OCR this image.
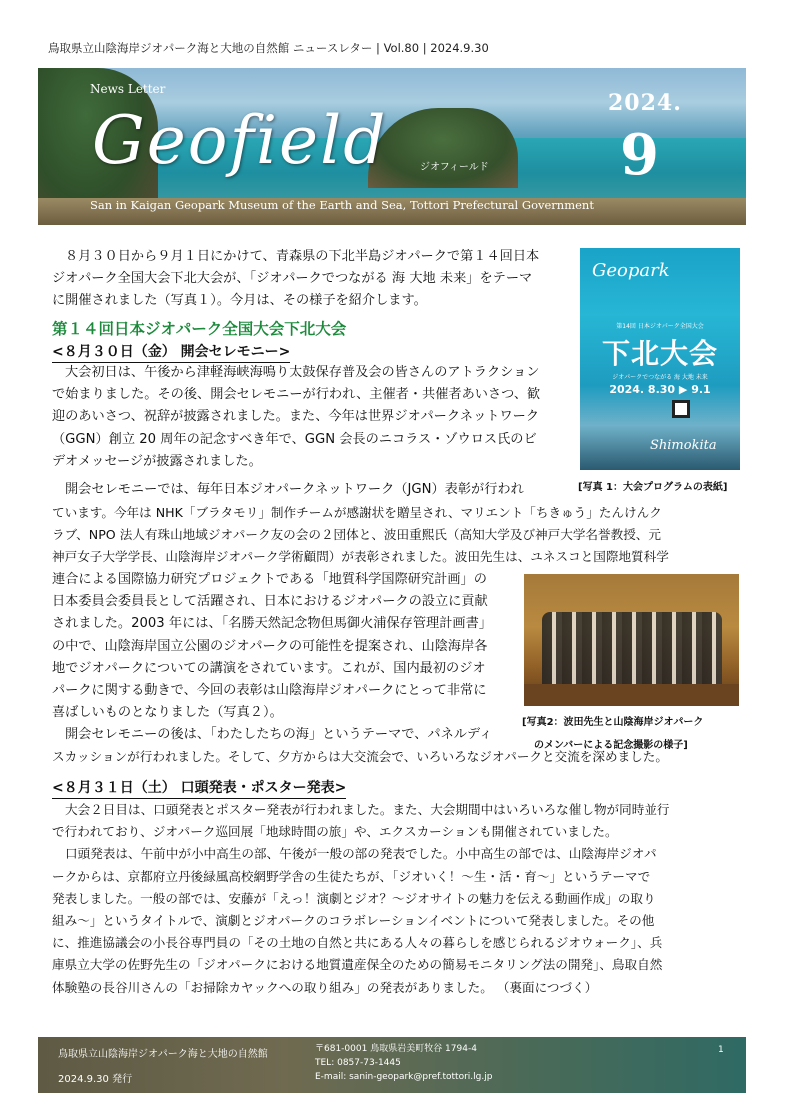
鳥取県立山陰海岸ジオパーク海と大地の自然館 ニュースレター | Vol.80 | 2024.9.30
News Letter
Geofield	ジオフィールド
2024.
9
San in Kaigan Geopark Museum of the Earth and Sea, Tottori Prefectural Government
８月３０日から９月１日にかけて、青森県の下北半島ジオパークで第１４回日本
ジオパーク全国大会下北大会が、「ジオパークでつながる 海 大地 未来」をテーマ
に開催されました（写真１）。今月は、その様子を紹介します。
第１４回日本ジオパーク全国大会下北大会
<８月３０日（金） 開会セレモニー>
大会初日は、午後から津軽海峡海鳴り太鼓保存普及会の皆さんのアトラクション
で始まりました。その後、開会セレモニーが行われ、主催者・共催者あいさつ、歓
迎のあいさつ、祝辞が披露されました。また、今年は世界ジオパークネットワーク
（GGN）創立 20 周年の記念すべき年で、GGN 会長のニコラス・ゾウロス氏のビ
デオメッセージが披露されました。
開会セレモニーでは、毎年日本ジオパークネットワーク（JGN）表彰が行われ
ています。今年は NHK「ブラタモリ」制作チームが感謝状を贈呈され、マリエント「ちきゅう」たんけんク
ラブ、NPO 法人有珠山地域ジオパーク友の会の２団体と、波田重熙氏（高知大学及び神戸大学名誉教授、元
神戸女子大学学長、山陰海岸ジオパーク学術顧問）が表彰されました。波田先生は、ユネスコと国際地質科学
連合による国際協力研究プロジェクトである「地質科学国際研究計画」の
日本委員会委員長として活躍され、日本におけるジオパークの設立に貢献
されました。2003 年には、「名勝天然記念物但馬御火浦保存管理計画書」
の中で、山陰海岸国立公園のジオパークの可能性を提案され、山陰海岸各
地でジオパークについての講演をされています。これが、国内最初のジオ
パークに関する動きで、今回の表彰は山陰海岸ジオパークにとって非常に
喜ばしいものとなりました（写真２）。
開会セレモニーの後は、「わたしたちの海」というテーマで、パネルディ
スカッションが行われました。そして、夕方からは大交流会で、いろいろなジオパークと交流を深めました。
<８月３１日（土） 口頭発表・ポスター発表>
大会２日目は、口頭発表とポスター発表が行われました。また、大会期間中はいろいろな催し物が同時並行
で行われており、ジオパーク巡回展「地球時間の旅」や、エクスカーションも開催されていました。
口頭発表は、午前中が小中高生の部、午後が一般の部の発表でした。小中高生の部では、山陰海岸ジオパ
ークからは、京都府立丹後緑風高校網野学舎の生徒たちが、「ジオいく！～生・活・育～」というテーマで
発表しました。一般の部では、安藤が「えっ！演劇とジオ？～ジオサイトの魅力を伝える動画作成」の取り
組み～」というタイトルで、演劇とジオパークのコラボレーションイベントについて発表しました。その他
に、推進協議会の小長谷専門員の「その土地の自然と共にある人々の暮らしを感じられるジオウォーク」、兵
庫県立大学の佐野先生の「ジオパークにおける地質遺産保全のための簡易モニタリング法の開発」、鳥取自然
体験塾の長谷川さんの「お掃除カヤックへの取り組み」の発表がありました。 （裏面につづく）
Geopark
第14回 日本ジオパーク全国大会
下北大会
ジオパークでつながる 海 大地 未来
2024. 8.30 ▶ 9.1
Shimokita
[写真 1：大会プログラムの表紙]
[写真2：波田先生と山陰海岸ジオパーク
のメンバーによる記念撮影の様子]
鳥取県立山陰海岸ジオパーク海と大地の自然館
2024.9.30 発行
〒681-0001 鳥取県岩美町牧谷 1794-4
TEL: 0857-73-1445
E-mail: sanin-geopark@pref.tottori.lg.jp
1
